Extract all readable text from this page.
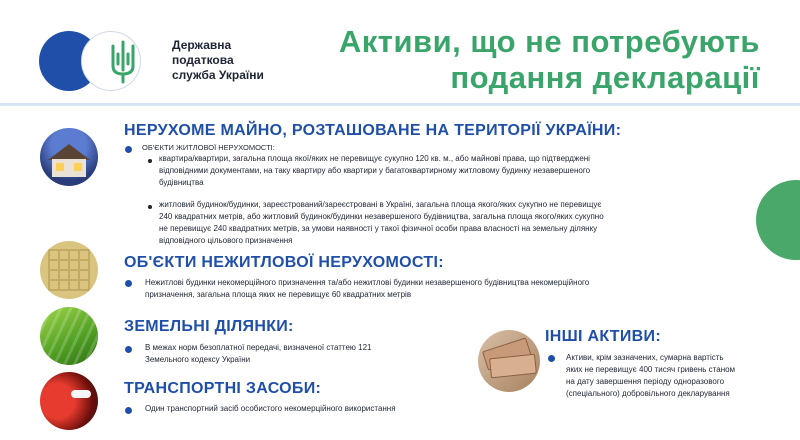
Державна
податкова
служба України
Активи, що не потребують
подання декларації
НЕРУХОМЕ МАЙНО, РОЗТАШОВАНЕ НА ТЕРИТОРІЇ УКРАЇНИ:
ОБ'ЄКТИ ЖИТЛОВОЇ НЕРУХОМОСТІ:
квартира/квартири, загальна площа якої/яких не перевищує сукупно 120 кв. м., або майнові права, що підтверджені
відповідними документами, на таку квартиру або квартири у багатоквартирному житловому будинку незавершеного
будівництва
житловий будинок/будинки, зареєстрований/зареєстровані в Україні, загальна площа якого/яких сукупно не перевищує
240 квадратних метрів, або житловий будинок/будинки незавершеного будівництва, загальна площа якого/яких сукупно
не перевищує 240 квадратних метрів, за умови наявності у такої фізичної особи права власності на земельну ділянку
відповідного цільового призначення
ОБ'ЄКТИ НЕЖИТЛОВОЇ НЕРУХОМОСТІ:
Нежитлові будинки некомерційного призначення та/або нежитлові будинки незавершеного будівництва некомерційного
призначення, загальна площа яких не перевищує 60 квадратних метрів
ЗЕМЕЛЬНІ ДІЛЯНКИ:
В межах норм безоплатної передачі, визначеної статтею 121
Земельного кодексу України
ТРАНСПОРТНІ ЗАСОБИ:
Один транспортний засіб особистого некомерційного використання
ІНШІ АКТИВИ:
Активи, крім зазначених, сумарна вартість
яких не перевищує 400 тисяч гривень станом
на дату завершення періоду одноразового
(спеціального) добровільного декларування
